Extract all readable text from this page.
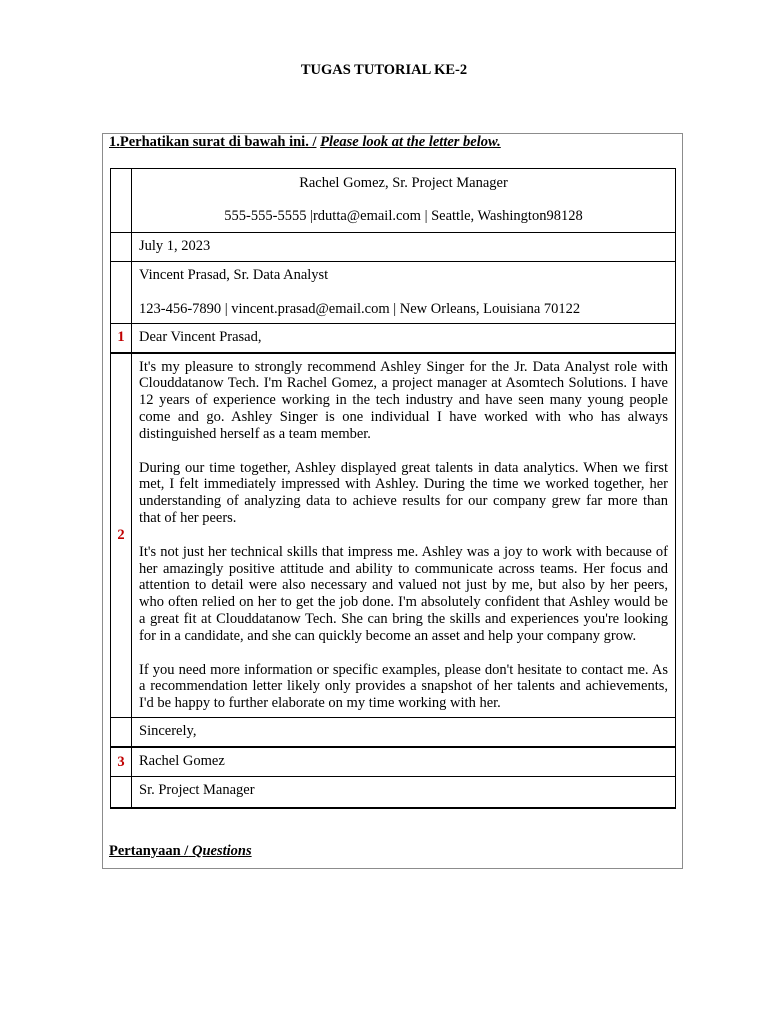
TUGAS TUTORIAL KE-2
1.Perhatikan surat di bawah ini. / Please look at the letter below.

	Rachel Gomez, Sr. Project Manager

555-555-5555 |rdutta@email.com | Seattle, Washington98128

	July 1, 2023

	Vincent Prasad, Sr. Data Analyst

123-456-7890 | vincent.prasad@email.com | New Orleans, Louisiana 70122

1	Dear Vincent Prasad,

2	It's my pleasure to strongly recommend Ashley Singer for the Jr. Data Analyst role with Clouddatanow Tech. I'm Rachel Gomez, a project manager at Asomtech Solutions. I have 12 years of experience working in the tech industry and have seen many young people come and go. Ashley Singer is one individual I have worked with who has always distinguished herself as a team member.

During our time together, Ashley displayed great talents in data analytics. When we first met, I felt immediately impressed with Ashley. During the time we worked together, her understanding of analyzing data to achieve results for our company grew far more than that of her peers.

It's not just her technical skills that impress me. Ashley was a joy to work with because of her amazingly positive attitude and ability to communicate across teams. Her focus and attention to detail were also necessary and valued not just by me, but also by her peers, who often relied on her to get the job done. I'm absolutely confident that Ashley would be a great fit at Clouddatanow Tech. She can bring the skills and experiences you're looking for in a candidate, and she can quickly become an asset and help your company grow.

If you need more information or specific examples, please don't hesitate to contact me. As a recommendation letter likely only provides a snapshot of her talents and achievements, I'd be happy to further elaborate on my time working with her.

	Sincerely,

3	Rachel Gomez

	Sr. Project Manager

Pertanyaan / Questions
